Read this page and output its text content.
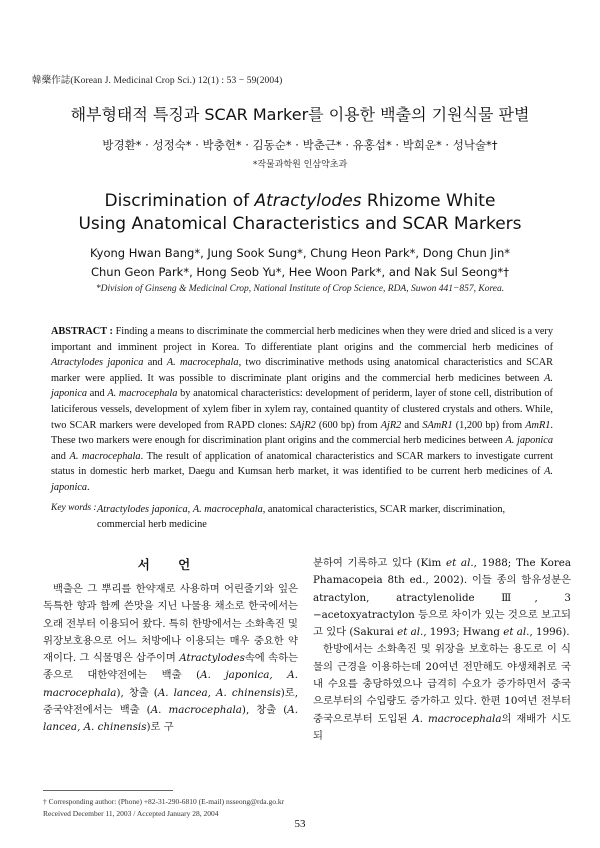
韓藥作誌(Korean J. Medicinal Crop Sci.) 12(1) : 53 − 59(2004)
해부형태적 특징과 SCAR Marker를 이용한 백출의 기원식물 판별
방경환* · 성정숙* · 박충헌* · 김동순* · 박춘근* · 유홍섭* · 박희운* · 성낙술*†
*작물과학원 인삼약초과
Discrimination of Atractylodes Rhizome White
Using Anatomical Characteristics and SCAR Markers
Kyong Hwan Bang*, Jung Sook Sung*, Chung Heon Park*, Dong Chun Jin*
Chun Geon Park*, Hong Seob Yu*, Hee Woon Park*, and Nak Sul Seong*†
*Division of Ginseng & Medicinal Crop, National Institute of Crop Science, RDA, Suwon 441−857, Korea.
ABSTRACT : Finding a means to discriminate the commercial herb medicines when they were dried and sliced is a very important and imminent project in Korea. To differentiate plant origins and the commercial herb medicines of Atractylodes japonica and A. macrocephala, two discriminative methods using anatomical characteristics and SCAR marker were applied. It was possible to discriminate plant origins and the commercial herb medicines between A. japonica and A. macrocephala by anatomical characteristics: development of periderm, layer of stone cell, distribution of laticiferous vessels, development of xylem fiber in xylem ray, contained quantity of clustered crystals and others. While, two SCAR markers were developed from RAPD clones: SAjR2 (600 bp) from AjR2 and SAmR1 (1,200 bp) from AmR1. These two markers were enough for discrimination plant origins and the commercial herb medicines between A. japonica and A. macrocephala. The result of application of anatomical characteristics and SCAR markers to investigate current status in domestic herb market, Daegu and Kumsan herb market, it was identified to be current herb medicines of A. japonica.
Key words : Atractylodes japonica, A. macrocephala, anatomical characteristics, SCAR marker, discrimination, commercial herb medicine
서 언

백출은 그 뿌리를 한약재로 사용하며 어린줄기와 잎은 독특한 향과 함께 쓴맛을 지닌 나물용 채소로 한국에서는 오래 전부터 이용되어 왔다. 특히 한방에서는 소화촉진 및 위장보호용으로 어느 처방에나 이용되는 매우 중요한 약재이다. 그 식물명은 삽주이며 Atractylodes속에 속하는 종으로 대한약전에는 백출 (A. japonica, A. macrocephala), 창출 (A. lancea, A. chinensis)로, 중국약전에서는 백출 (A. macrocephala), 창출 (A. lancea, A. chinensis)로 구

분하여 기록하고 있다 (Kim et al., 1988; The Korea Phamacopeia 8th ed., 2002). 이들 종의 함유성분은 atractylon, atractylenolide Ⅲ, 3 −acetoxyatractylon 등으로 차이가 있는 것으로 보고되고 있다 (Sakurai et al., 1993; Hwang et al., 1996).

한방에서는 소화촉진 및 위장을 보호하는 용도로 이 식물의 근경을 이용하는데 20여년 전만해도 야생채취로 국내 수요를 충당하였으나 급격히 수요가 증가하면서 중국으로부터의 수입량도 증가하고 있다. 한편 10여년 전부터 중국으로부터 도입된 A. macrocephala의 재배가 시도되

† Corresponding author: (Phone) +82-31-290-6810 (E-mail) nsseong@rda.go.kr
Received December 11, 2003 / Accepted January 28, 2004
53
